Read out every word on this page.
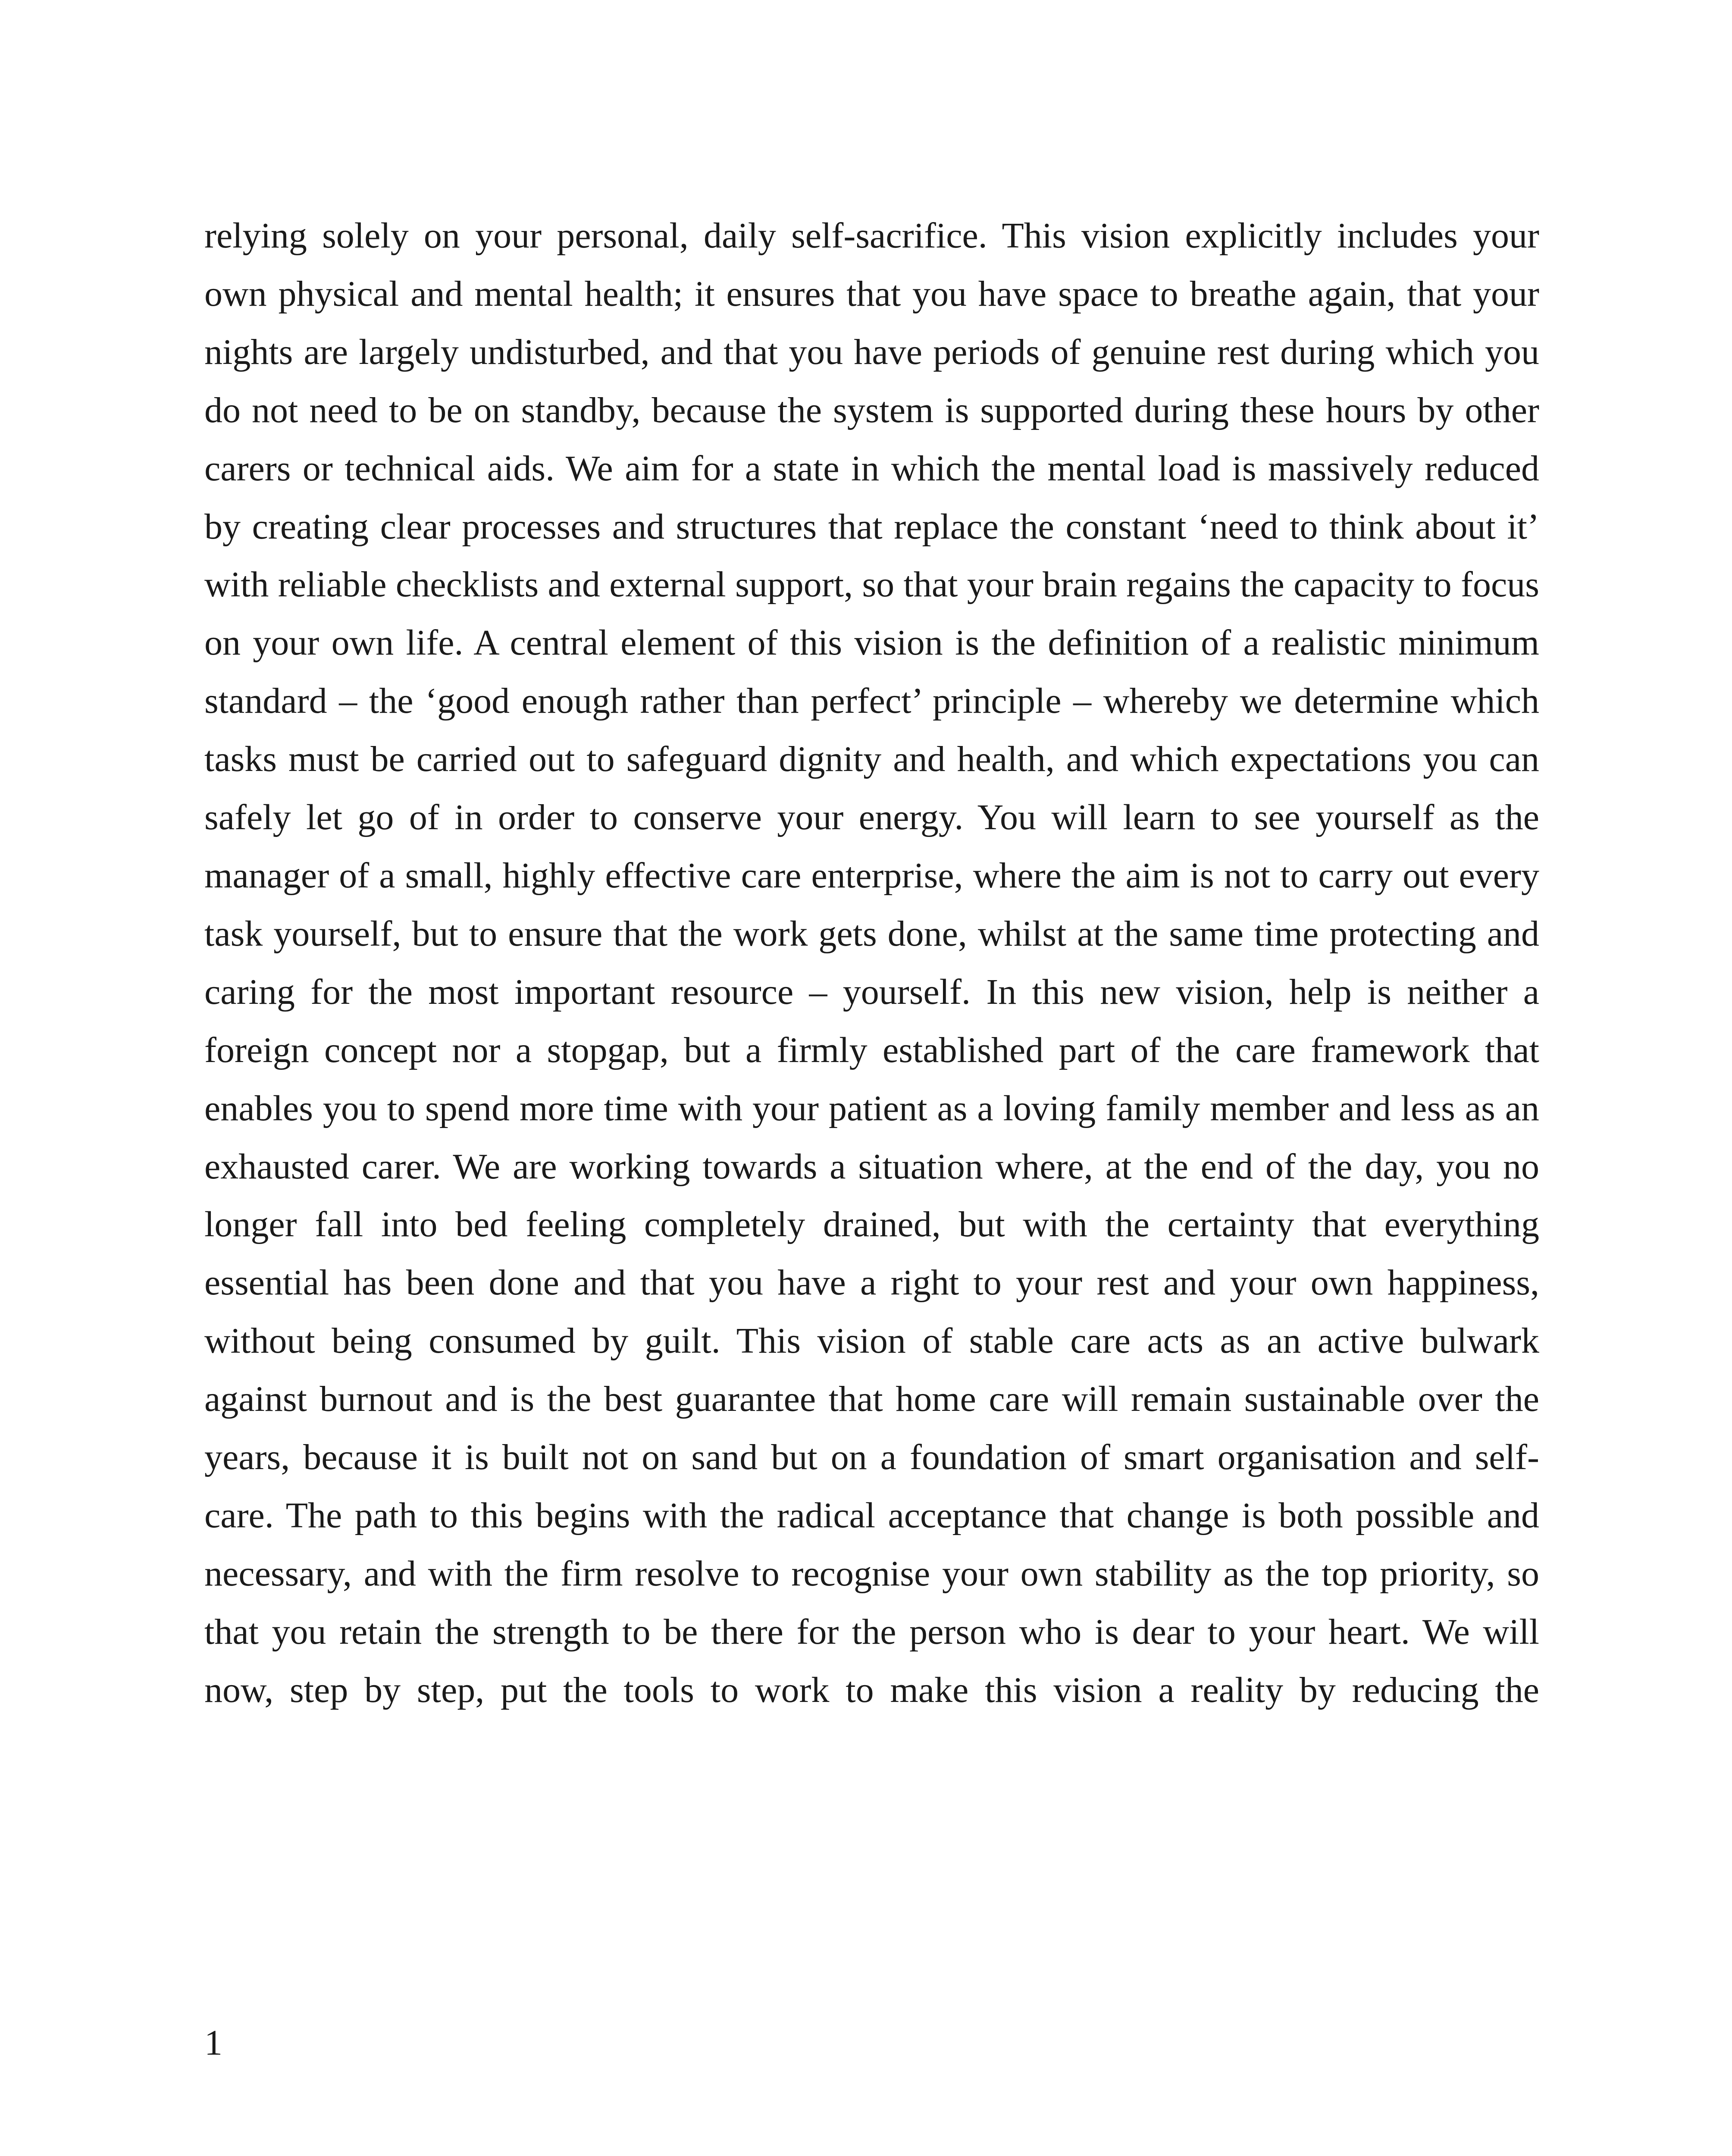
relying solely on your personal, daily self-sacrifice. This vision explicitly includes your own physical and mental health; it ensures that you have space to breathe again, that your nights are largely undisturbed, and that you have periods of genuine rest during which you do not need to be on standby, because the system is supported during these hours by other carers or technical aids. We aim for a state in which the mental load is massively reduced by creating clear processes and structures that replace the constant ‘need to think about it’ with reliable checklists and external support, so that your brain regains the capacity to focus on your own life. A central element of this vision is the definition of a realistic minimum standard – the ‘good enough rather than perfect’ principle – whereby we determine which tasks must be carried out to safeguard dignity and health, and which expectations you can safely let go of in order to conserve your energy. You will learn to see yourself as the manager of a small, highly effective care enterprise, where the aim is not to carry out every task yourself, but to ensure that the work gets done, whilst at the same time protecting and caring for the most important resource – yourself. In this new vision, help is neither a foreign concept nor a stopgap, but a firmly established part of the care framework that enables you to spend more time with your patient as a loving family member and less as an exhausted carer. We are working towards a situation where, at the end of the day, you no longer fall into bed feeling completely drained, but with the certainty that everything essential has been done and that you have a right to your rest and your own happiness, without being consumed by guilt. This vision of stable care acts as an active bulwark against burnout and is the best guarantee that home care will remain sustainable over the years, because it is built not on sand but on a foundation of smart organisation and self-care. The path to this begins with the radical acceptance that change is both possible and necessary, and with the firm resolve to recognise your own stability as the top priority, so that you retain the strength to be there for the person who is dear to your heart. We will now, step by step, put the tools to work to make this vision a reality by reducing the

1
